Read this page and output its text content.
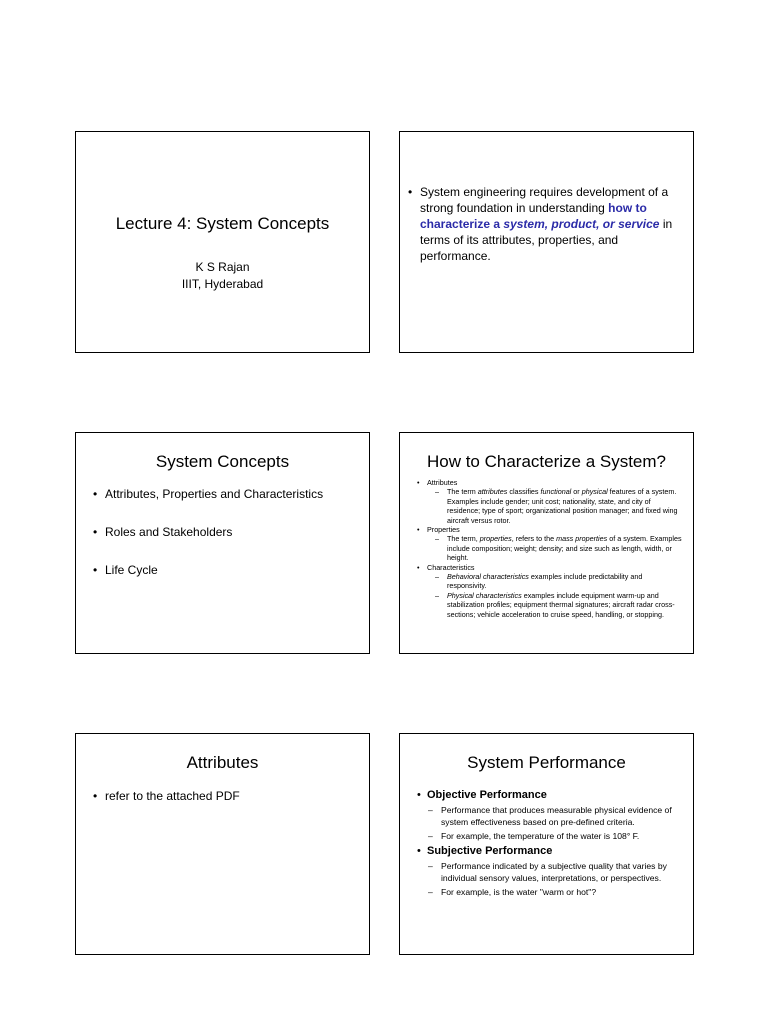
Lecture 4: System Concepts
K S Rajan
IIIT, Hyderabad
• System engineering requires development of a strong foundation in understanding how to characterize a system, product, or service in terms of its attributes, properties, and performance.
System Concepts
• Attributes, Properties and Characteristics
• Roles and Stakeholders
• Life Cycle
How to Characterize a System?
• Attributes
– The term attributes classifies functional or physical features of a system. Examples include gender; unit cost; nationality, state, and city of residence; type of sport; organizational position manager; and fixed wing aircraft versus rotor.
• Properties
– The term, properties, refers to the mass properties of a system. Examples include composition; weight; density; and size such as length, width, or height.
• Characteristics
– Behavioral characteristics examples include predictability and responsivity.
– Physical characteristics examples include equipment warm-up and stabilization profiles; equipment thermal signatures; aircraft radar cross-sections; vehicle acceleration to cruise speed, handling, or stopping.
Attributes
• refer to the attached PDF
System Performance
• Objective Performance
– Performance that produces measurable physical evidence of system effectiveness based on pre-defined criteria.
– For example, the temperature of the water is 108° F.
• Subjective Performance
– Performance indicated by a subjective quality that varies by individual sensory values, interpretations, or perspectives.
– For example, is the water "warm or hot"?
